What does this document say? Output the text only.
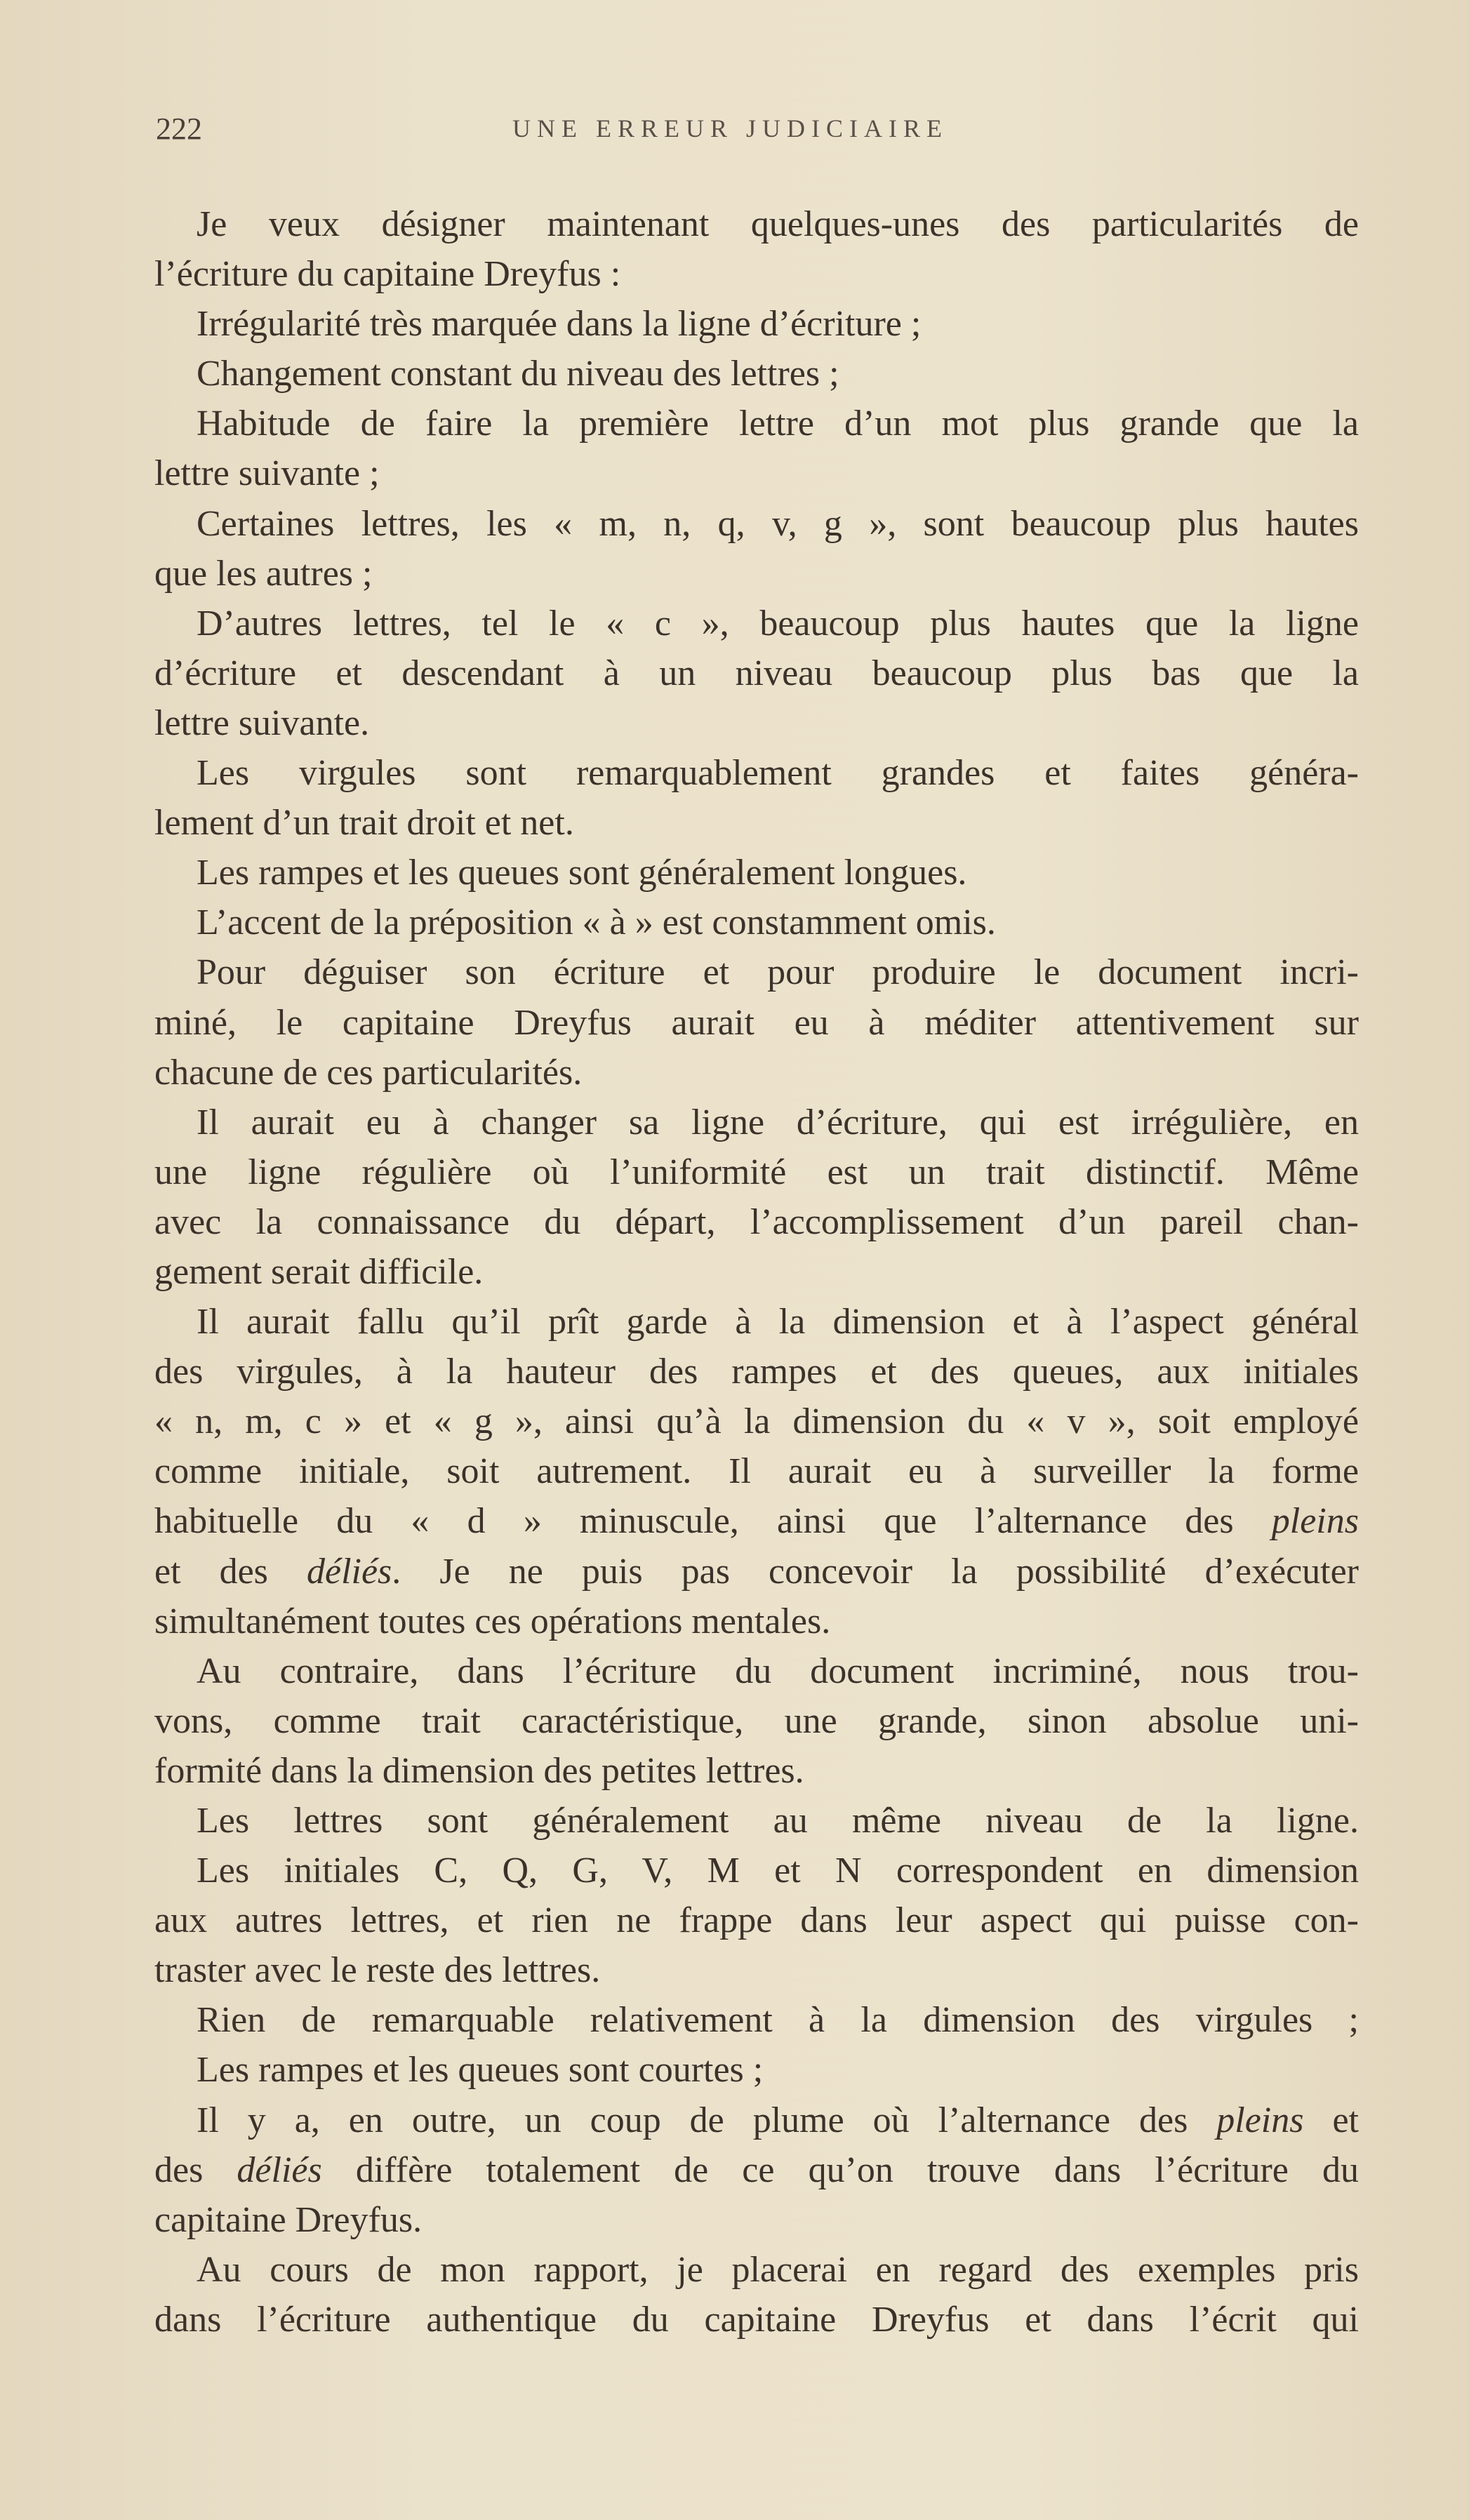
222	UNE ERREUR JUDICIAIRE
Je veux désigner maintenant quelques-unes des particularités de
l’écriture du capitaine Dreyfus :
Irrégularité très marquée dans la ligne d’écriture ;
Changement constant du niveau des lettres ;
Habitude de faire la première lettre d’un mot plus grande que la
lettre suivante ;
Certaines lettres, les « m, n, q, v, g », sont beaucoup plus hautes
que les autres ;
D’autres lettres, tel le « c », beaucoup plus hautes que la ligne
d’écriture et descendant à un niveau beaucoup plus bas que la
lettre suivante.
Les virgules sont remarquablement grandes et faites généra-
lement d’un trait droit et net.
Les rampes et les queues sont généralement longues.
L’accent de la préposition « à » est constamment omis.
Pour déguiser son écriture et pour produire le document incri-
miné, le capitaine Dreyfus aurait eu à méditer attentivement sur
chacune de ces particularités.
Il aurait eu à changer sa ligne d’écriture, qui est irrégulière, en
une ligne régulière où l’uniformité est un trait distinctif. Même
avec la connaissance du départ, l’accomplissement d’un pareil chan-
gement serait difficile.
Il aurait fallu qu’il prît garde à la dimension et à l’aspect général
des virgules, à la hauteur des rampes et des queues, aux initiales
« n, m, c » et « g », ainsi qu’à la dimension du « v », soit employé
comme initiale, soit autrement. Il aurait eu à surveiller la forme
habituelle du « d » minuscule, ainsi que l’alternance des pleins
et des déliés. Je ne puis pas concevoir la possibilité d’exécuter
simultanément toutes ces opérations mentales.
Au contraire, dans l’écriture du document incriminé, nous trou-
vons, comme trait caractéristique, une grande, sinon absolue uni-
formité dans la dimension des petites lettres.
Les lettres sont généralement au même niveau de la ligne.
Les initiales C, Q, G, V, M et N correspondent en dimension
aux autres lettres, et rien ne frappe dans leur aspect qui puisse con-
traster avec le reste des lettres.
Rien de remarquable relativement à la dimension des virgules ;
Les rampes et les queues sont courtes ;
Il y a, en outre, un coup de plume où l’alternance des pleins et
des déliés diffère totalement de ce qu’on trouve dans l’écriture du
capitaine Dreyfus.
Au cours de mon rapport, je placerai en regard des exemples pris
dans l’écriture authentique du capitaine Dreyfus et dans l’écrit qui
